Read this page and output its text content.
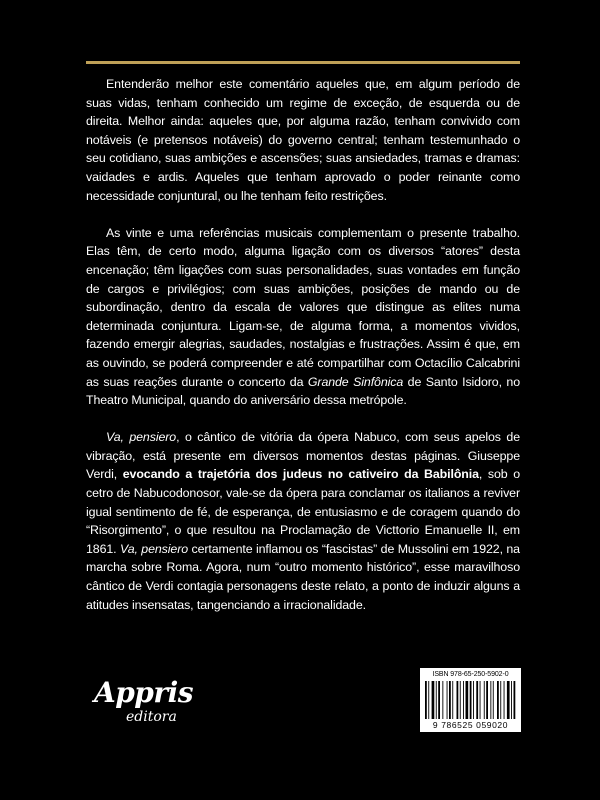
Entenderão melhor este comentário aqueles que, em algum período de suas vidas, tenham conhecido um regime de exceção, de esquerda ou de direita. Melhor ainda: aqueles que, por alguma razão, tenham convivido com notáveis (e pretensos notáveis) do governo central; tenham testemunhado o seu cotidiano, suas ambições e ascensões; suas ansiedades, tramas e dramas: vaidades e ardis. Aqueles que tenham aprovado o poder reinante como necessidade conjuntural, ou lhe tenham feito restrições.

As vinte e uma referências musicais complementam o presente trabalho. Elas têm, de certo modo, alguma ligação com os diversos “atores” desta encenação; têm ligações com suas personalidades, suas vontades em função de cargos e privilégios; com suas ambições, posições de mando ou de subordinação, dentro da escala de valores que distingue as elites numa determinada conjuntura. Ligam-se, de alguma forma, a momentos vividos, fazendo emergir alegrias, saudades, nostalgias e frustrações. Assim é que, em as ouvindo, se poderá compreender e até compartilhar com Octacílio Calcabrini as suas reações durante o concerto da Grande Sinfônica de Santo Isidoro, no Theatro Municipal, quando do aniversário dessa metrópole.

Va, pensiero, o cântico de vitória da ópera Nabuco, com seus apelos de vibração, está presente em diversos momentos destas páginas. Giuseppe Verdi, evocando a trajetória dos judeus no cativeiro da Babilônia, sob o cetro de Nabucodonosor, vale-se da ópera para conclamar os italianos a reviver igual sentimento de fé, de esperança, de entusiasmo e de coragem quando do “Risorgimento”, o que resultou na Proclamação de Victtorio Emanuelle II, em 1861. Va, pensiero certamente inflamou os “fascistas” de Mussolini em 1922, na marcha sobre Roma. Agora, num “outro momento histórico”, esse maravilhoso cântico de Verdi contagia personagens deste relato, a ponto de induzir alguns a atitudes insensatas, tangenciando a irracionalidade.

Appris
editora
ISBN 978-65-250-5902-0
9 786525 059020
